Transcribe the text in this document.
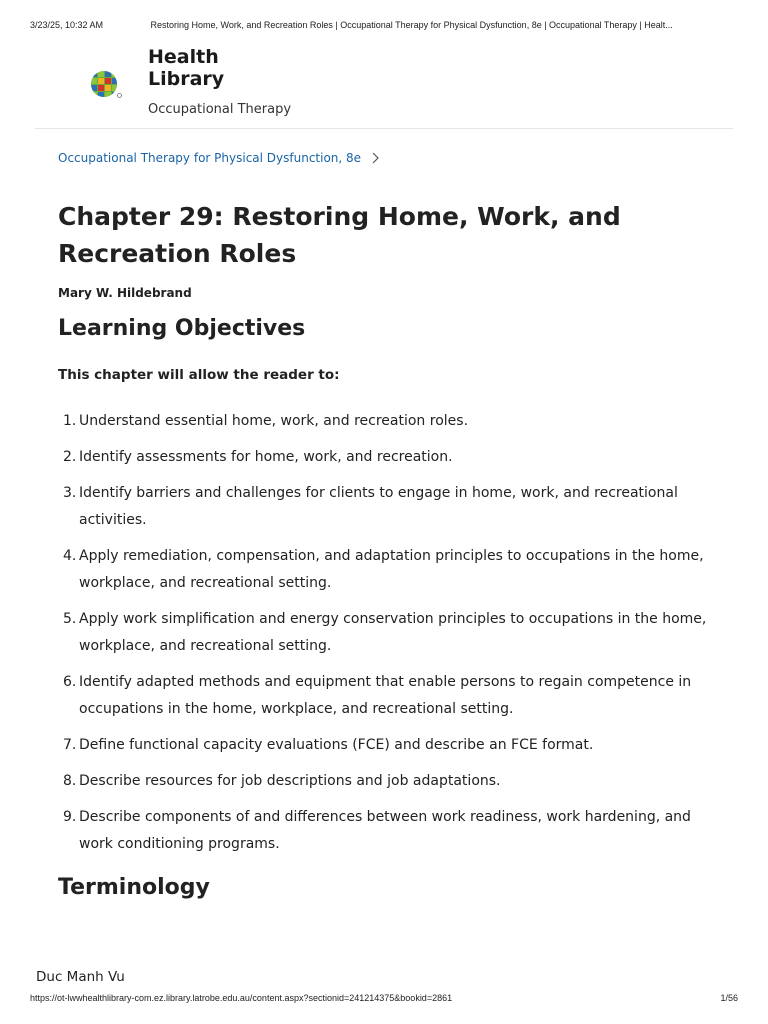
3/23/25, 10:32 AM	Restoring Home, Work, and Recreation Roles | Occupational Therapy for Physical Dysfunction, 8e | Occupational Therapy | Healt...
Health
Library
Occupational Therapy
Occupational Therapy for Physical Dysfunction, 8e
Chapter 29: Restoring Home, Work, and Recreation Roles
Mary W. Hildebrand
Learning Objectives
This chapter will allow the reader to:
1. Understand essential home, work, and recreation roles.
2. Identify assessments for home, work, and recreation.
3. Identify barriers and challenges for clients to engage in home, work, and recreational activities.
4. Apply remediation, compensation, and adaptation principles to occupations in the home, workplace, and recreational setting.
5. Apply work simplification and energy conservation principles to occupations in the home, workplace, and recreational setting.
6. Identify adapted methods and equipment that enable persons to regain competence in occupations in the home, workplace, and recreational setting.
7. Define functional capacity evaluations (FCE) and describe an FCE format.
8. Describe resources for job descriptions and job adaptations.
9. Describe components of and differences between work readiness, work hardening, and work conditioning programs.
Terminology
Duc Manh Vu
https://ot-lwwhealthlibrary-com.ez.library.latrobe.edu.au/content.aspx?sectionid=241214375&bookid=2861	1/56
